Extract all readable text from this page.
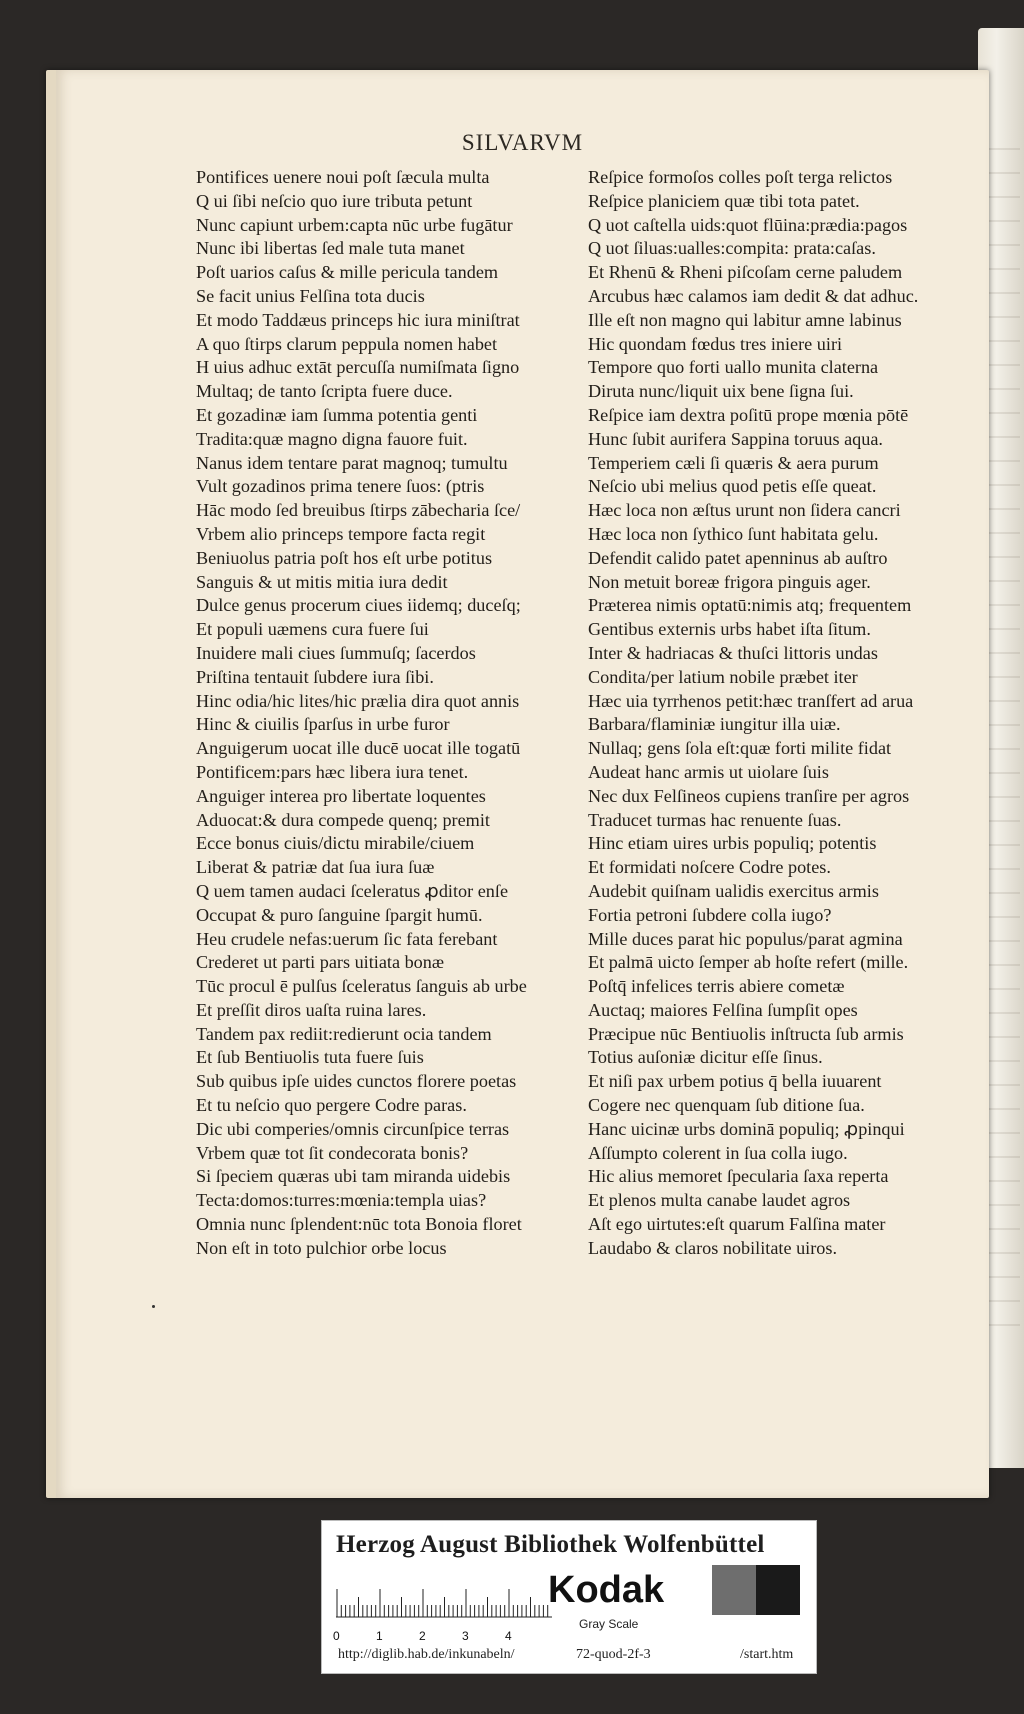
SILVARVM
Pontifices uenere noui poſt ſæcula multa
Q ui ſibi neſcio quo iure tributa petunt
Nunc capiunt urbem:capta nūc urbe fugātur
Nunc ibi libertas ſed male tuta manet
Poſt uarios caſus & mille pericula tandem
Se facit unius Felſina tota ducis
Et modo Taddæus princeps hic iura miniſtrat
A quo ſtirps clarum peppula nomen habet
H uius adhuc extāt percuſſa numiſmata ſigno
Multaq; de tanto ſcripta fuere duce.
Et gozadinæ iam ſumma potentia genti
Tradita:quæ magno digna fauore fuit.
Nanus idem tentare parat magnoq; tumultu
Vult gozadinos prima tenere ſuos: (ptris
Hāc modo ſed breuibus ſtirps zābecharia ſce/
Vrbem alio princeps tempore facta regit
Beniuolus patria poſt hos eſt urbe potitus
Sanguis & ut mitis mitia iura dedit
Dulce genus procerum ciues iidemq; duceſq;
Et populi uæmens cura fuere ſui
Inuidere mali ciues ſummuſq; ſacerdos
Priſtina tentauit ſubdere iura ſibi.
Hinc odia/hic lites/hic prælia dira quot annis
Hinc & ciuilis ſparſus in urbe furor
Anguigerum uocat ille ducē uocat ille togatū
Pontificem:pars hæc libera iura tenet.
Anguiger interea pro libertate loquentes
Aduocat:& dura compede quenq; premit
Ecce bonus ciuis/dictu mirabile/ciuem
Liberat & patriæ dat ſua iura ſuæ
Q uem tamen audaci ſceleratus ꝓditor enſe
Occupat & puro ſanguine ſpargit humū.
Heu crudele nefas:uerum ſic fata ferebant
Crederet ut parti pars uitiata bonæ
Tūc procul ē pulſus ſceleratus ſanguis ab urbe
Et preſſit diros uaſta ruina lares.
Tandem pax rediit:redierunt ocia tandem
Et ſub Bentiuolis tuta fuere ſuis
Sub quibus ipſe uides cunctos florere poetas
Et tu neſcio quo pergere Codre paras.
Dic ubi comperies/omnis circunſpice terras
Vrbem quæ tot ſit condecorata bonis?
Si ſpeciem quæras ubi tam miranda uidebis
Tecta:domos:turres:mœnia:templa uias?
Omnia nunc ſplendent:nūc tota Bonoia floret
Non eſt in toto pulchior orbe locus
Reſpice formoſos colles poſt terga relictos
Reſpice planiciem quæ tibi tota patet.
Q uot caſtella uids:quot flūina:prædia:pagos
Q uot ſiluas:ualles:compita: prata:caſas.
Et Rhenū & Rheni piſcoſam cerne paludem
Arcubus hæc calamos iam dedit & dat adhuc.
Ille eſt non magno qui labitur amne labinus
Hic quondam fœdus tres iniere uiri
Tempore quo forti uallo munita claterna
Diruta nunc/liquit uix bene ſigna ſui.
Reſpice iam dextra poſitū prope mœnia pōtē
Hunc ſubit aurifera Sappina toruus aqua.
Temperiem cæli ſi quæris & aera purum
Neſcio ubi melius quod petis eſſe queat.
Hæc loca non æſtus urunt non ſidera cancri
Hæc loca non ſythico ſunt habitata gelu.
Defendit calido patet apenninus ab auſtro
Non metuit boreæ frigora pinguis ager.
Præterea nimis optatū:nimis atq; frequentem
Gentibus externis urbs habet iſta ſitum.
Inter & hadriacas & thuſci littoris undas
Condita/per latium nobile præbet iter
Hæc uia tyrrhenos petit:hæc tranſfert ad arua
Barbara/flaminiæ iungitur illa uiæ.
Nullaq; gens ſola eſt:quæ forti milite fidat
Audeat hanc armis ut uiolare ſuis
Nec dux Felſineos cupiens tranſire per agros
Traducet turmas hac renuente ſuas.
Hinc etiam uires urbis populiq; potentis
Et formidati noſcere Codre potes.
Audebit quiſnam ualidis exercitus armis
Fortia petroni ſubdere colla iugo?
Mille duces parat hic populus/parat agmina
Et palmā uicto ſemper ab hoſte refert (mille.
Poſtq̄ infelices terris abiere cometæ
Auctaq; maiores Felſina ſumpſit opes
Præcipue nūc Bentiuolis inſtructa ſub armis
Totius auſoniæ dicitur eſſe ſinus.
Et niſi pax urbem potius q̄ bella iuuarent
Cogere nec quenquam ſub ditione ſua.
Hanc uicinæ urbs dominā populiq; ꝓpinqui
Aſſumpto colerent in ſua colla iugo.
Hic alius memoret ſpecularia ſaxa reperta
Et plenos multa canabe laudet agros
Aſt ego uirtutes:eſt quarum Falſina mater
Laudabo & claros nobilitate uiros.
Herzog August Bibliothek Wolfenbüttel
0	1	2	3	4
Kodak
Gray Scale
http://diglib.hab.de/inkunabeln/	72-quod-2f-3	/start.htm
